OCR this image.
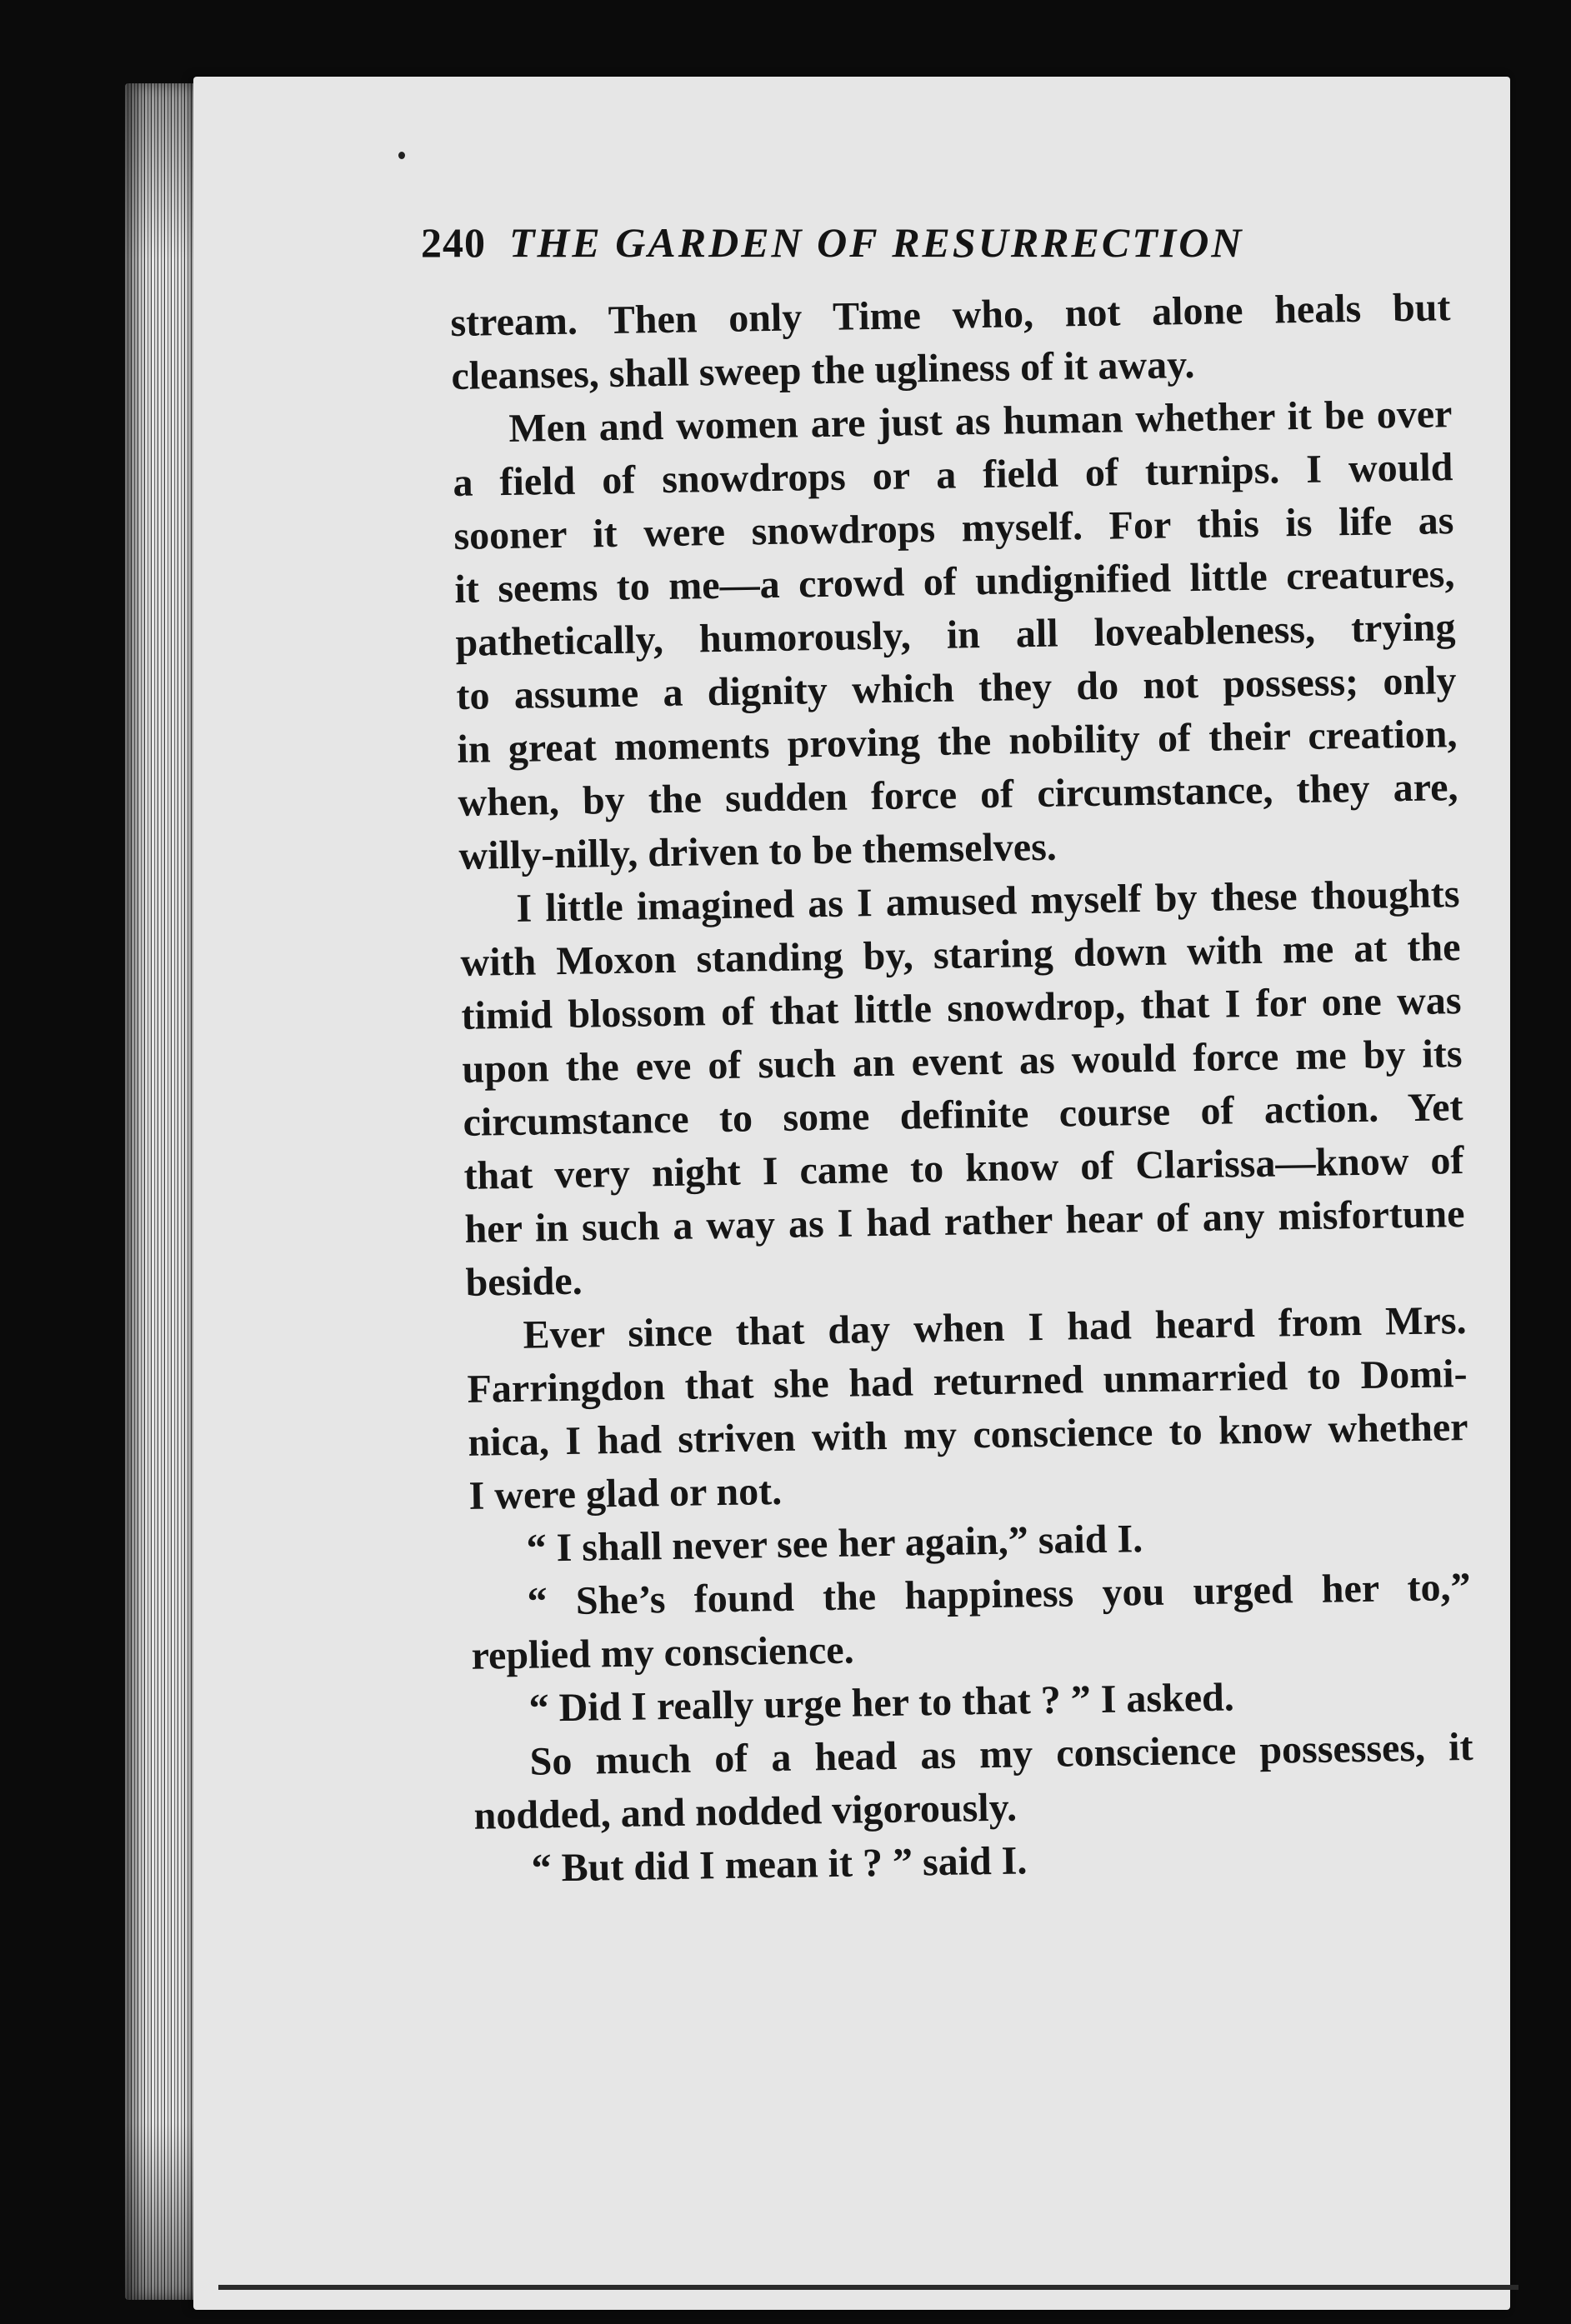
240 THE GARDEN OF RESURRECTION
stream. Then only Time who, not alone heals but
cleanses, shall sweep the ugliness of it away.
Men and women are just as human whether it be over
a field of snowdrops or a field of turnips. I would
sooner it were snowdrops myself. For this is life as
it seems to me—a crowd of undignified little creatures,
pathetically, humorously, in all loveableness, trying
to assume a dignity which they do not possess; only
in great moments proving the nobility of their creation,
when, by the sudden force of circumstance, they are,
willy-nilly, driven to be themselves.
I little imagined as I amused myself by these thoughts
with Moxon standing by, staring down with me at the
timid blossom of that little snowdrop, that I for one was
upon the eve of such an event as would force me by its
circumstance to some definite course of action. Yet
that very night I came to know of Clarissa—know of
her in such a way as I had rather hear of any misfortune
beside.
Ever since that day when I had heard from Mrs.
Farringdon that she had returned unmarried to Domi-
nica, I had striven with my conscience to know whether
I were glad or not.
“ I shall never see her again,” said I.
“ She’s found the happiness you urged her to,”
replied my conscience.
“ Did I really urge her to that ? ” I asked.
So much of a head as my conscience possesses, it
nodded, and nodded vigorously.
“ But did I mean it ? ” said I.
